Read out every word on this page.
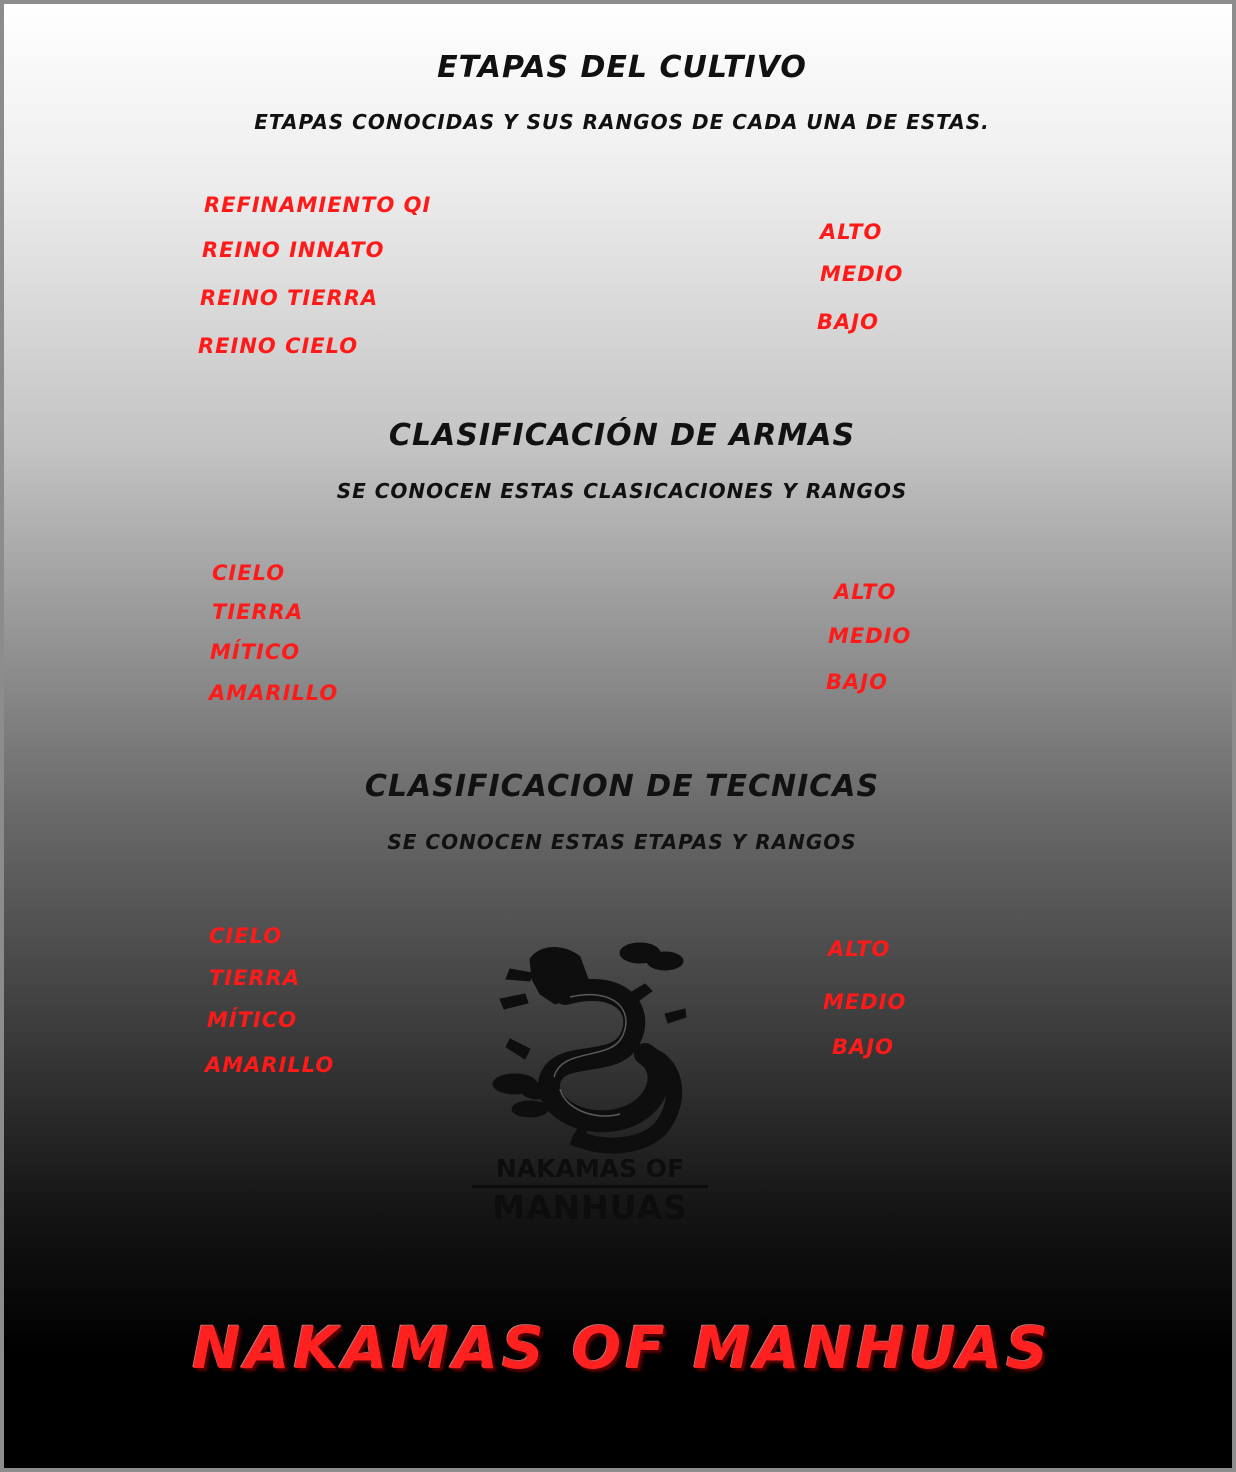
ETAPAS DEL CULTIVO
ETAPAS CONOCIDAS Y SUS RANGOS DE CADA UNA DE ESTAS.
REFINAMIENTO QI
REINO INNATO
REINO TIERRA
REINO CIELO
ALTO
MEDIO
BAJO
CLASIFICACIÓN DE ARMAS
SE CONOCEN ESTAS CLASICACIONES Y RANGOS
CIELO
TIERRA
MÍTICO
AMARILLO
ALTO
MEDIO
BAJO
CLASIFICACION DE TECNICAS
SE CONOCEN ESTAS ETAPAS Y RANGOS
CIELO
TIERRA
MÍTICO
AMARILLO
ALTO
MEDIO
BAJO
NAKAMAS OF
MANHUAS
NAKAMAS OF MANHUAS
